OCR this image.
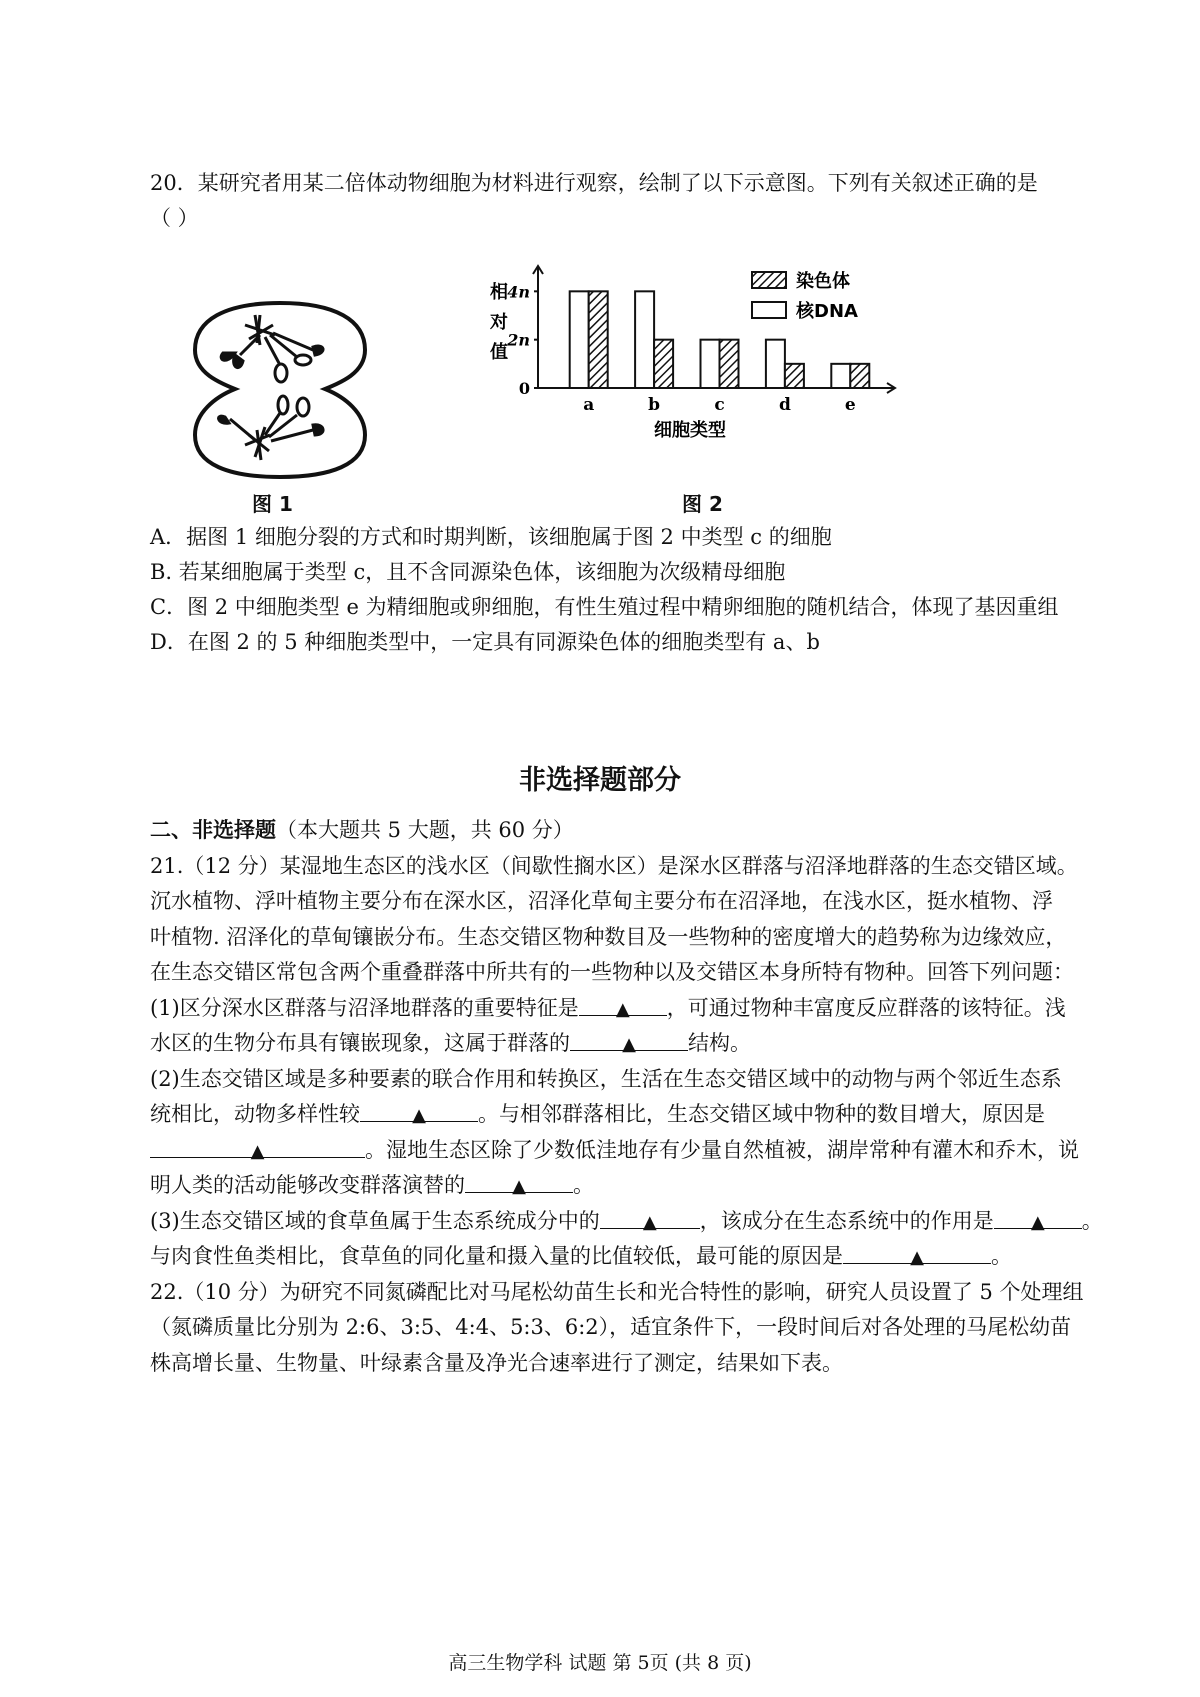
20．某研究者用某二倍体动物细胞为材料进行观察，绘制了以下示意图。下列有关叙述正确的是
（ ）
图 1
0
2n
4n
相
对
值
细胞类型
a	b	c	d	e
染色体
核DNA
图 2
A．据图 1 细胞分裂的方式和时期判断，该细胞属于图 2 中类型 c 的细胞
B. 若某细胞属于类型 c，且不含同源染色体，该细胞为次级精母细胞
C．图 2 中细胞类型 e 为精细胞或卵细胞，有性生殖过程中精卵细胞的随机结合，体现了基因重组
D．在图 2 的 5 种细胞类型中，一定具有同源染色体的细胞类型有 a、b
非选择题部分

二、非选择题（本大题共 5 大题，共 60 分）

21.（12 分）某湿地生态区的浅水区（间歇性搁水区）是深水区群落与沼泽地群落的生态交错区域。

沉水植物、浮叶植物主要分布在深水区，沼泽化草甸主要分布在沼泽地，在浅水区，挺水植物、浮

叶植物. 沼泽化的草甸镶嵌分布。生态交错区物种数目及一些物种的密度增大的趋势称为边缘效应，

在生态交错区常包含两个重叠群落中所共有的一些物种以及交错区本身所特有物种。回答下列问题：

(1)区分深水区群落与沼泽地群落的重要特征是 ▲ ，可通过物种丰富度反应群落的该特征。浅

水区的生物分布具有镶嵌现象，这属于群落的	▲ 结构。

(2)生态交错区域是多种要素的联合作用和转换区，生活在生态交错区域中的动物与两个邻近生态系

统相比，动物多样性较	▲ 。与相邻群落相比，生态交错区域中物种的数目增大，原因是

▲	。湿地生态区除了少数低洼地存有少量自然植被，湖岸常种有灌木和乔木，说

明人类的活动能够改变群落演替的	▲ 。

(3)生态交错区域的食草鱼属于生态系统成分中的 ▲ ，该成分在生态系统中的作用是 ▲ 。

与肉食性鱼类相比，食草鱼的同化量和摄入量的比值较低，最可能的原因是	▲	。

22.（10 分）为研究不同氮磷配比对马尾松幼苗生长和光合特性的影响，研究人员设置了 5 个处理组

（氮磷质量比分别为 2:6、3:5、4:4、5:3、6:2），适宜条件下，一段时间后对各处理的马尾松幼苗

株高增长量、生物量、叶绿素含量及净光合速率进行了测定，结果如下表。

高三生物学科 试题 第 5页 (共 8 页)
